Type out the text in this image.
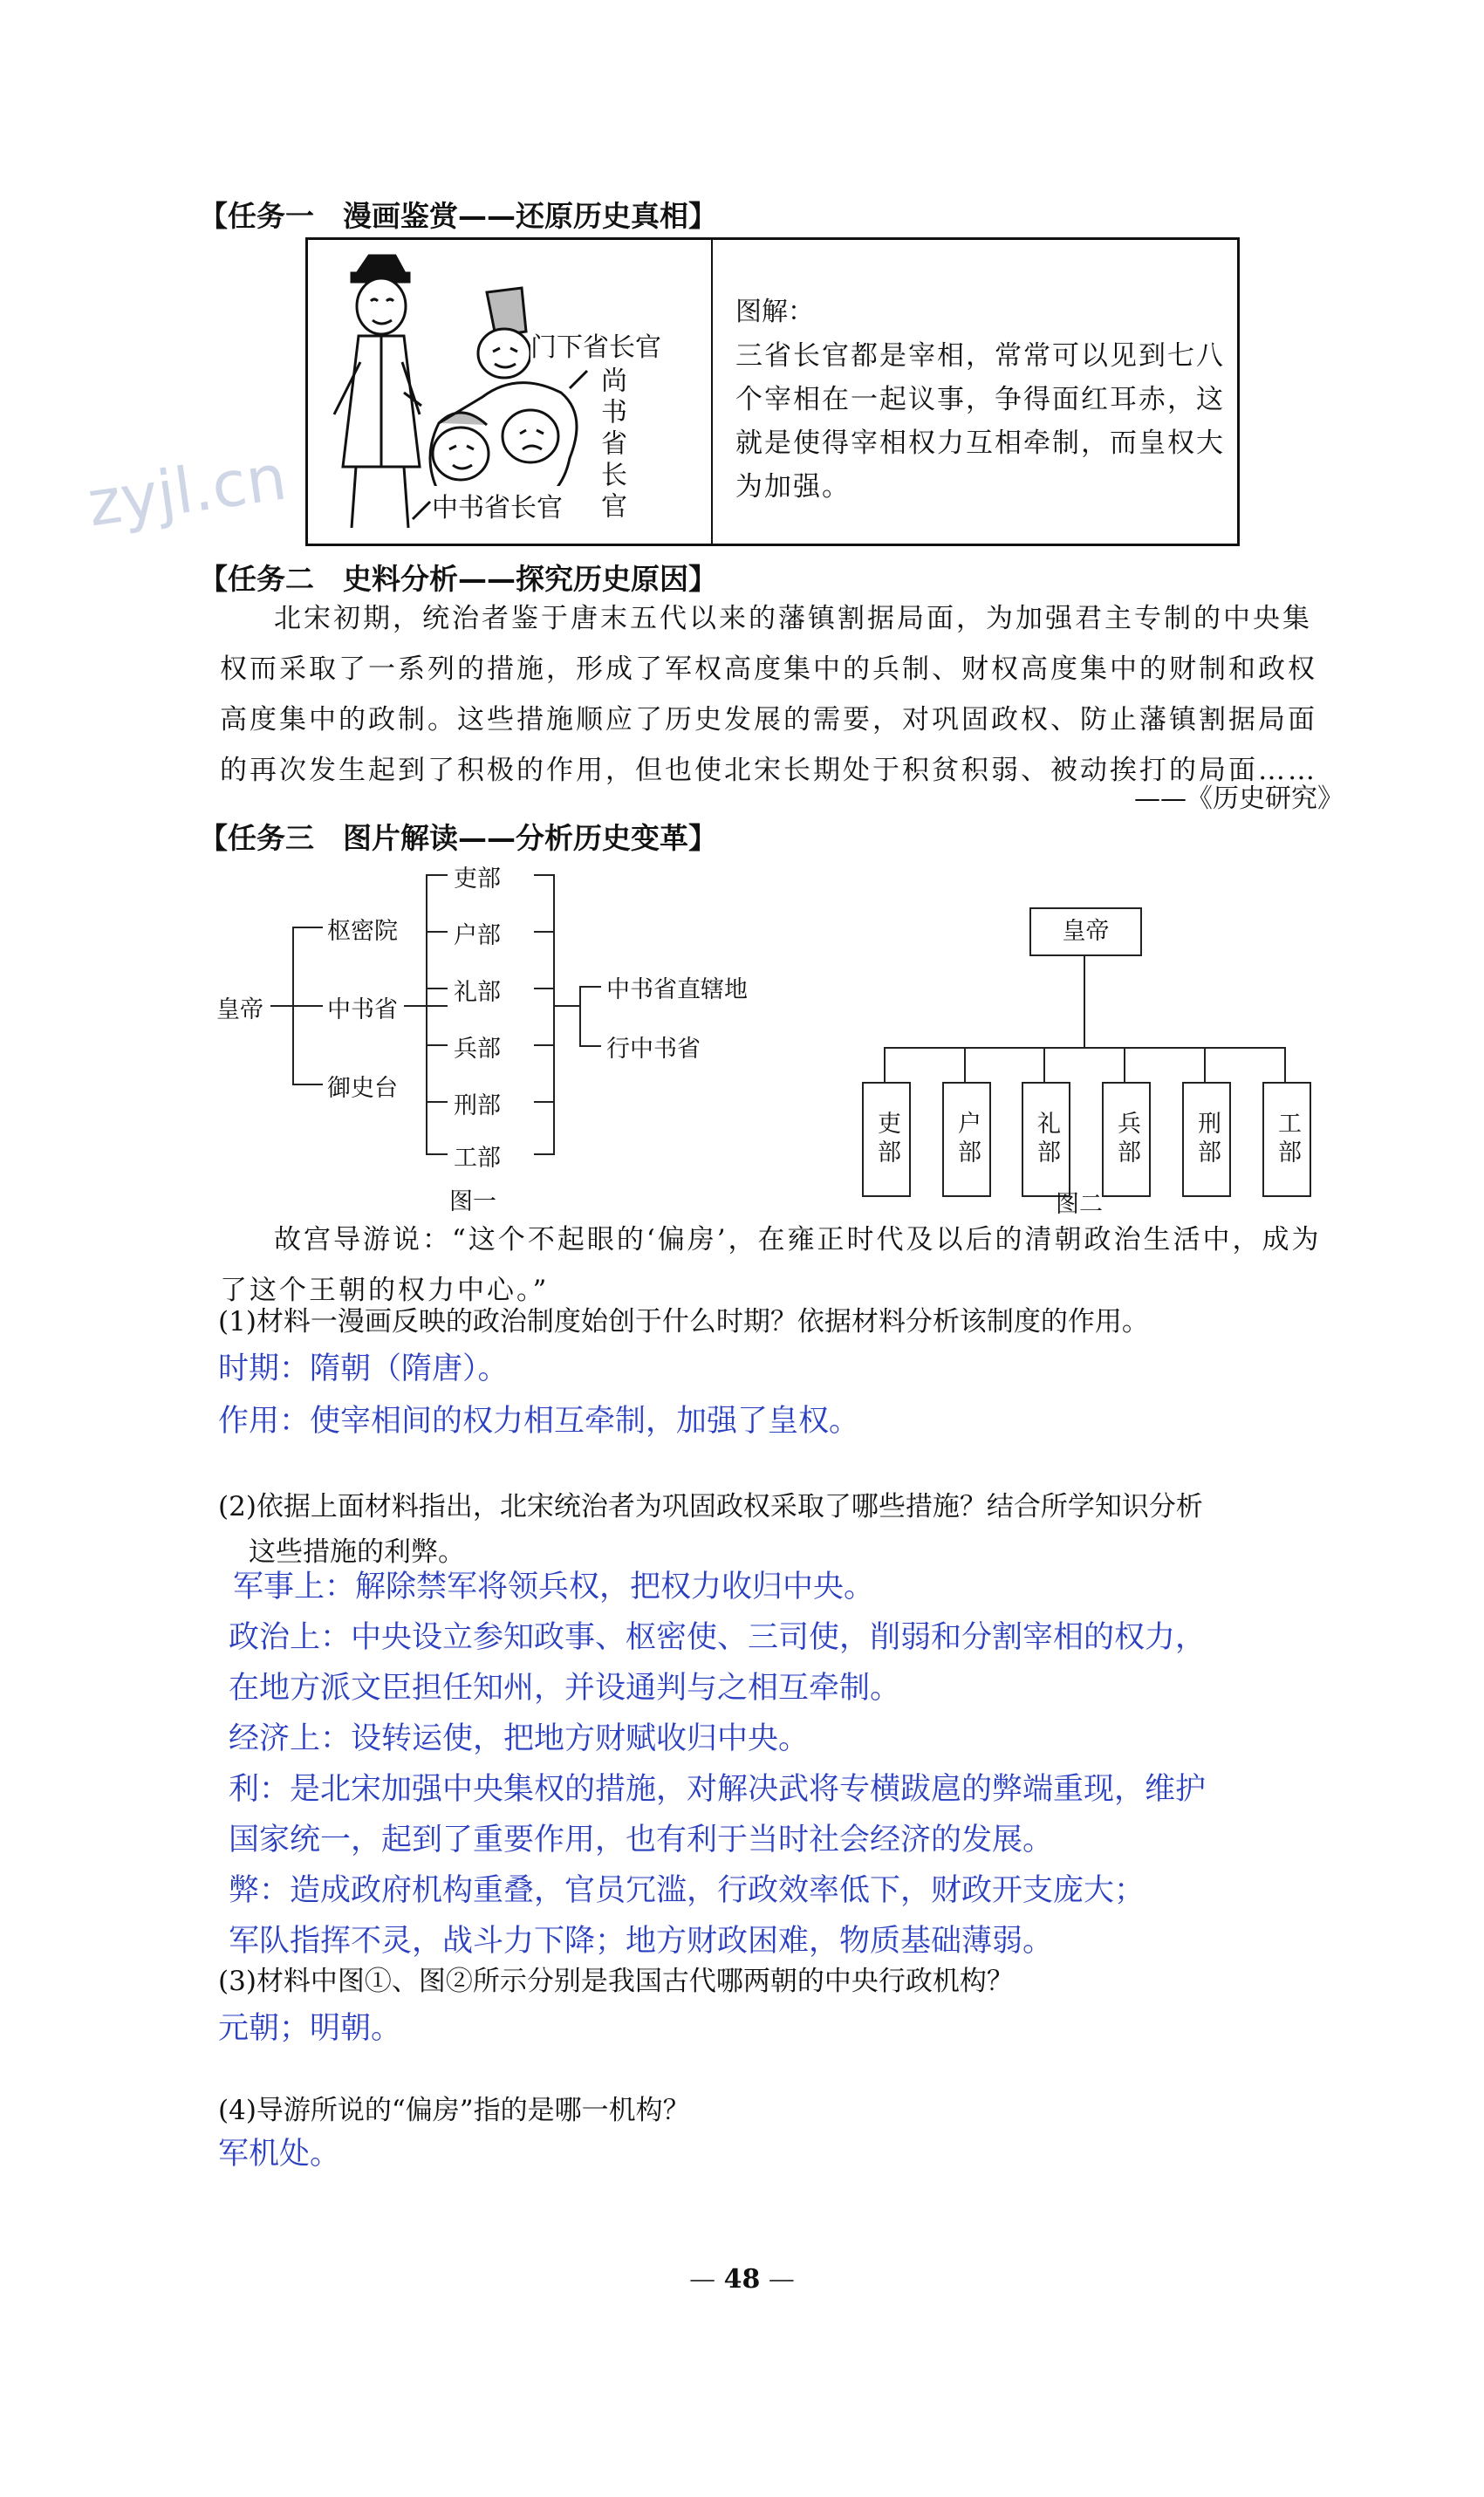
zyjl.cn
【任务一　漫画鉴赏——还原历史真相】
门下省长官
尚书省长官
中书省长官
图解：
三省长官都是宰相，常常可以见到七八
个宰相在一起议事，争得面红耳赤，这
就是使得宰相权力互相牵制，而皇权大
为加强。
【任务二　史料分析——探究历史原因】
北宋初期，统治者鉴于唐末五代以来的藩镇割据局面，为加强君主专制的中央集
权而采取了一系列的措施，形成了军权高度集中的兵制、财权高度集中的财制和政权
高度集中的政制。这些措施顺应了历史发展的需要，对巩固政权、防止藩镇割据局面
的再次发生起到了积极的作用，但也使北宋长期处于积贫积弱、被动挨打的局面……
——《历史研究》
【任务三　图片解读——分析历史变革】
皇帝
枢密院
中书省
御史台
吏部
户部
礼部
兵部
刑部
工部
中书省直辖地
行中书省
图一
皇帝
吏部	户部	礼部	兵部	刑部	工部
图二
故宫导游说：“这个不起眼的‘偏房’，在雍正时代及以后的清朝政治生活中，成为
了这个王朝的权力中心。”
(1)材料一漫画反映的政治制度始创于什么时期？依据材料分析该制度的作用。
时期：隋朝（隋唐）。
作用：使宰相间的权力相互牵制，加强了皇权。
(2)依据上面材料指出，北宋统治者为巩固政权采取了哪些措施？结合所学知识分析
这些措施的利弊。
军事上：解除禁军将领兵权，把权力收归中央。
政治上：中央设立参知政事、枢密使、三司使，削弱和分割宰相的权力，
在地方派文臣担任知州，并设通判与之相互牵制。
经济上：设转运使，把地方财赋收归中央。
利：是北宋加强中央集权的措施，对解决武将专横跋扈的弊端重现，维护
国家统一，起到了重要作用，也有利于当时社会经济的发展。
弊：造成政府机构重叠，官员冗滥，行政效率低下，财政开支庞大；
军队指挥不灵，战斗力下降；地方财政困难，物质基础薄弱。
(3)材料中图①、图②所示分别是我国古代哪两朝的中央行政机构？
元朝；明朝。
(4)导游所说的“偏房”指的是哪一机构？
军机处。
— 48 —
